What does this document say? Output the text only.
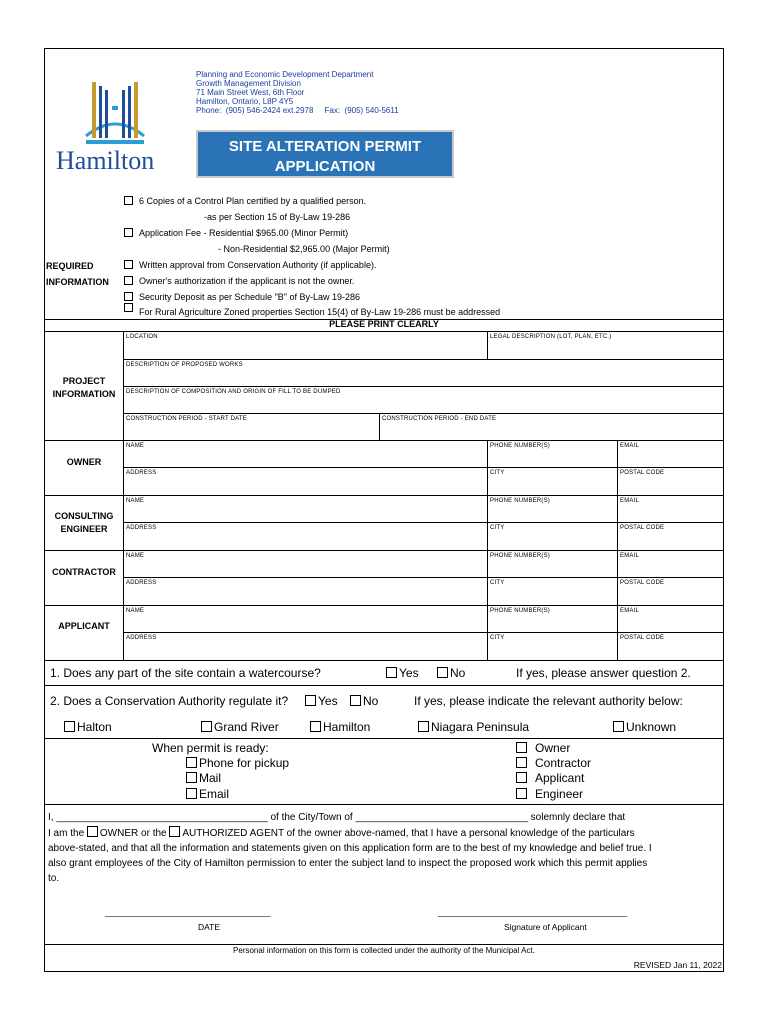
Hamilton
Planning and Economic Development Department
Growth Management Division
71 Main Street West, 6th Floor
Hamilton, Ontario, L8P 4Y5
Phone:  (905) 546-2424 ext.2978     Fax:  (905) 540-5611
SITE ALTERATION PERMIT
APPLICATION
REQUIRED
INFORMATION
6 Copies of a Control Plan certified by a qualified person.
-as per Section 15 of By-Law 19-286
Application Fee - Residential $965.00 (Minor Permit)
- Non-Residential $2,965.00 (Major Permit)
Written approval from Conservation Authority (if applicable).
Owner's authorization if the applicant is not the owner.
Security Deposit as per Schedule "B" of By-Law 19-286
For Rural Agriculture Zoned properties Section 15(4) of By-Law 19-286 must be addressed
PLEASE PRINT CLEARLY
PROJECT
INFORMATION
LOCATION	LEGAL DESCRIPTION (LOT, PLAN, ETC.)
DESCRIPTION OF PROPOSED WORKS
DESCRIPTION OF COMPOSITION AND ORIGIN OF FILL TO BE DUMPED
CONSTRUCTION PERIOD - START DATE	CONSTRUCTION PERIOD - END DATE
OWNER
NAME	PHONE NUMBER(S)	EMAIL
ADDRESS	CITY	POSTAL CODE
CONSULTING
ENGINEER
NAME	PHONE NUMBER(S)	EMAIL
ADDRESS	CITY	POSTAL CODE
CONTRACTOR
NAME	PHONE NUMBER(S)	EMAIL
ADDRESS	CITY	POSTAL CODE
APPLICANT
NAME	PHONE NUMBER(S)	EMAIL
ADDRESS	CITY	POSTAL CODE
1. Does any part of the site contain a watercourse?	Yes	No	If yes, please answer question 2.
2. Does a Conservation Authority regulate it?	Yes	No	If yes, please indicate the relevant authority below:
Halton	Grand River	Hamilton	Niagara Peninsula	Unknown
When permit is ready:
Phone for pickup
Mail
Email
Owner
Contractor
Applicant
Engineer
I, ______________________________________ of the City/Town of _______________________________ solemnly declare that
I am the OWNER or the AUTHORIZED AGENT of the owner above-named, that I have a personal knowledge of the particulars
above-stated, and that all the information and statements given on this application form are to the best of my knowledge and belief true. I
also grant employees of the City of Hamilton permission to enter the subject land to inspect the proposed work which this permit applies
to.
___________________________________
DATE
________________________________________
Signature of Applicant
Personal information on this form is collected under the authority of the Municipal Act.
REVISED Jan 11, 2022
